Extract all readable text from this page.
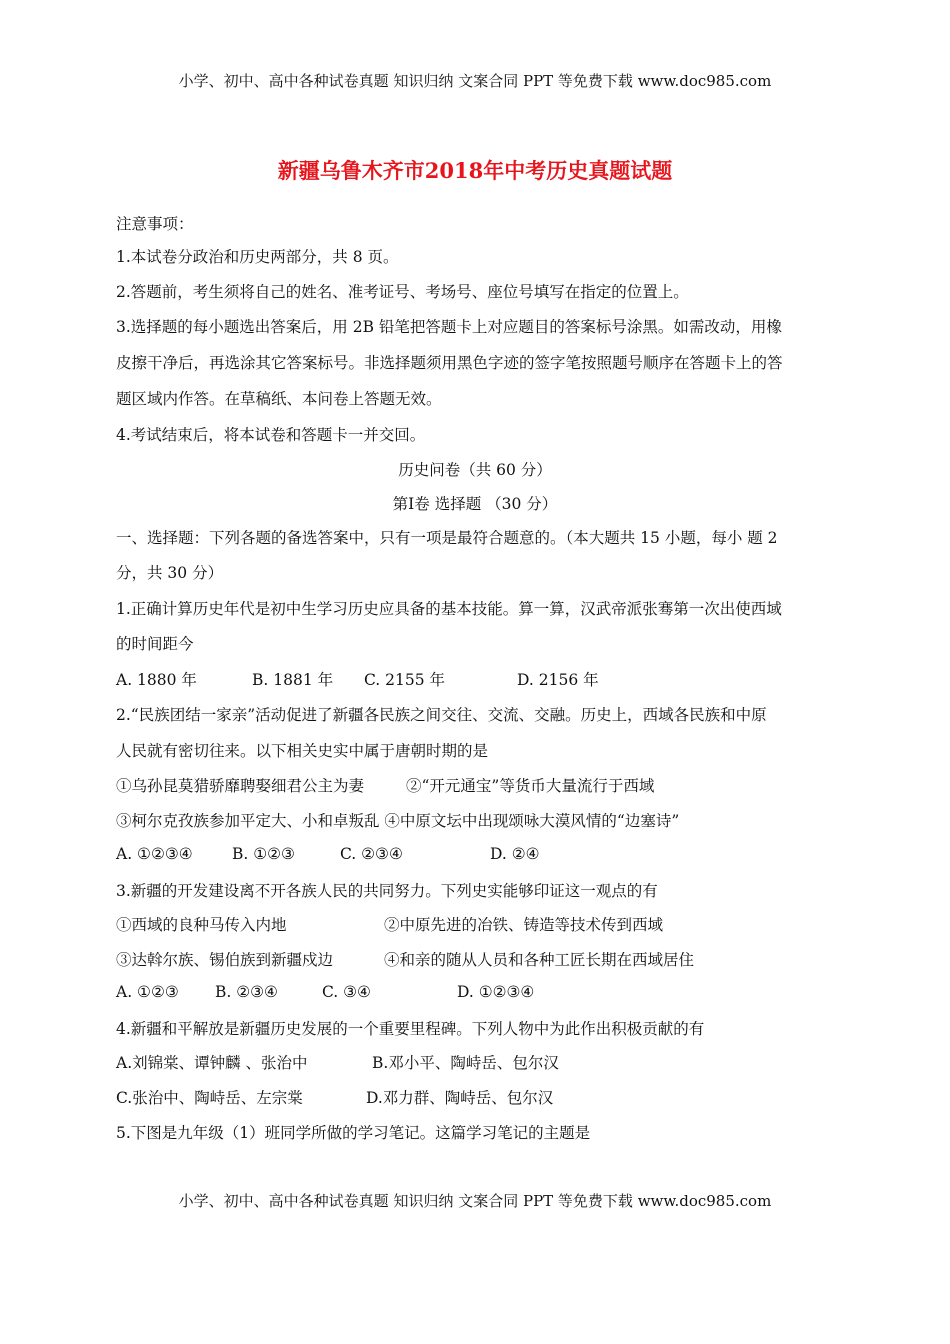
小学、初中、高中各种试卷真题 知识归纳 文案合同 PPT 等免费下载 www.doc985.com
新疆乌鲁木齐市2018年中考历史真题试题
注意事项：
1.本试卷分政治和历史两部分，共 8 页。
2.答题前，考生须将自己的姓名、准考证号、考场号、座位号填写在指定的位置上。
3.选择题的每小题选出答案后，用 2B 铅笔把答题卡上对应题目的答案标号涂黑。如需改动，用橡
皮擦干净后，再选涂其它答案标号。非选择题须用黑色字迹的签字笔按照题号顺序在答题卡上的答
题区域内作答。在草稿纸、本问卷上答题无效。
4.考试结束后，将本试卷和答题卡一并交回。
历史问卷（共 60 分）
第Ⅰ卷 选择题 （30 分）
一、选择题：下列各题的备选答案中，只有一项是最符合题意的。（本大题共 15 小题，每小 题 2
分，共 30 分）
1.正确计算历史年代是初中生学习历史应具备的基本技能。算一算，汉武帝派张骞第一次出使西域
的时间距今
A. 1880 年	B. 1881 年 C. 2155 年	D. 2156 年
2.“民族团结一家亲”活动促进了新疆各民族之间交往、交流、交融。历史上，西域各民族和中原
人民就有密切往来。以下相关史实中属于唐朝时期的是
①乌孙昆莫猎骄靡聘娶细君公主为妻	②“开元通宝”等货币大量流行于西域
③柯尔克孜族参加平定大、小和卓叛乱 ④中原文坛中出现颂咏大漠风情的“边塞诗”
A. ①②③④	B. ①②③	C. ②③④	D. ②④
3.新疆的开发建设离不开各族人民的共同努力。下列史实能够印证这一观点的有
①西域的良种马传入内地	②中原先进的冶铁、铸造等技术传到西域
③达斡尔族、锡伯族到新疆戍边	④和亲的随从人员和各种工匠长期在西域居住
A. ①②③ B. ②③④	C. ③④	D. ①②③④
4.新疆和平解放是新疆历史发展的一个重要里程碑。下列人物中为此作出积极贡献的有
A.刘锦棠、谭钟麟 、张治中	B.邓小平、陶峙岳、包尔汉
C.张治中、陶峙岳、左宗棠	D.邓力群、陶峙岳、包尔汉
5.下图是九年级（1）班同学所做的学习笔记。这篇学习笔记的主题是
小学、初中、高中各种试卷真题 知识归纳 文案合同 PPT 等免费下载 www.doc985.com
